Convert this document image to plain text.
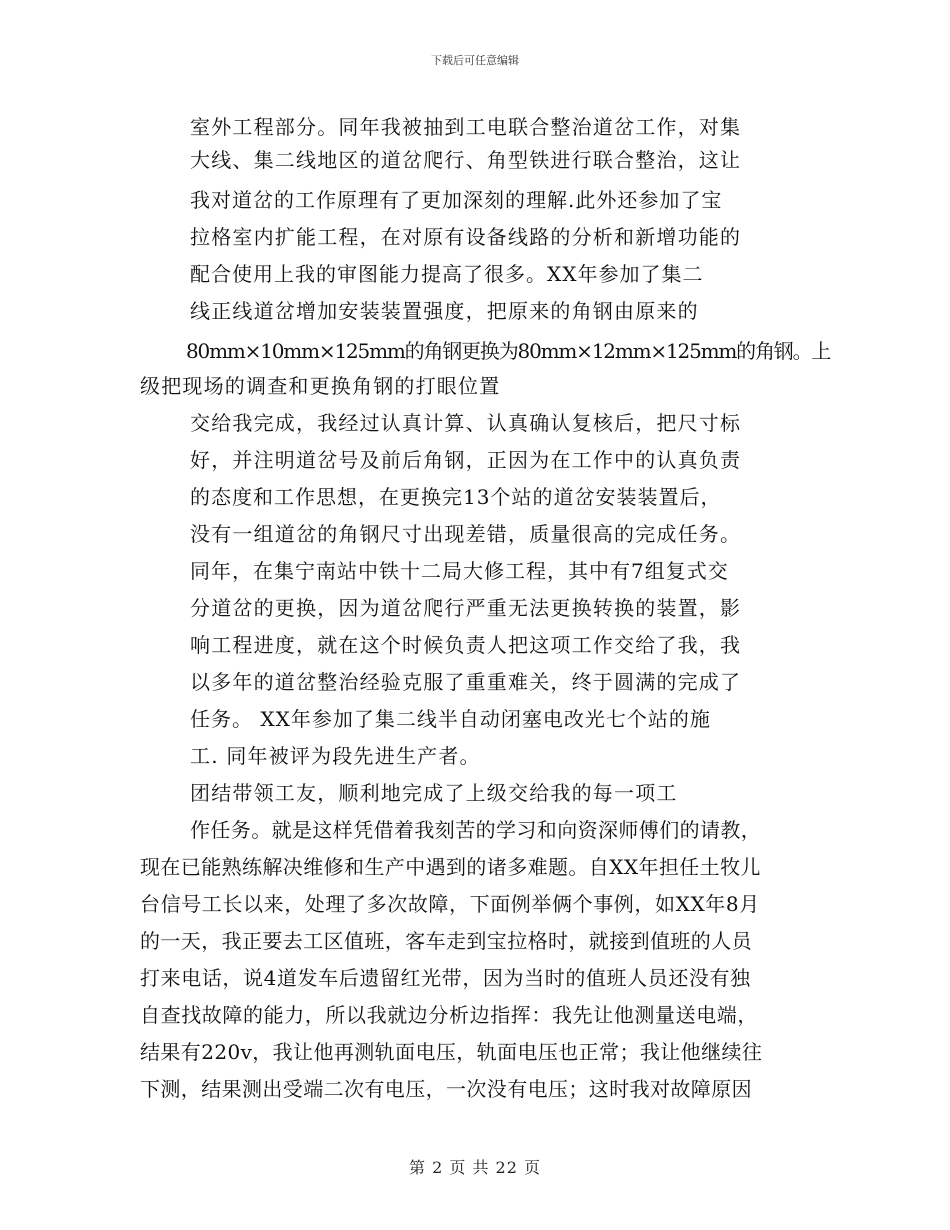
下载后可任意编辑
室外工程部分。同年我被抽到工电联合整治道岔工作，对集
大线、集二线地区的道岔爬行、角型铁进行联合整治，这让
我对道岔的工作原理有了更加深刻的理解.此外还参加了宝
拉格室内扩能工程，在对原有设备线路的分析和新增功能的
配合使用上我的审图能力提高了很多。XX年参加了集二
线正线道岔增加安装装置强度，把原来的角钢由原来的
80mm×10mm×125mm的角钢更换为80mm×12mm×125mm的角钢。上
级把现场的调查和更换角钢的打眼位置
交给我完成，我经过认真计算、认真确认复核后，把尺寸标
好，并注明道岔号及前后角钢，正因为在工作中的认真负责
的态度和工作思想，在更换完13个站的道岔安装装置后，
没有一组道岔的角钢尺寸出现差错，质量很高的完成任务。
同年，在集宁南站中铁十二局大修工程，其中有7组复式交
分道岔的更换，因为道岔爬行严重无法更换转换的装置，影
响工程进度，就在这个时候负责人把这项工作交给了我，我
以多年的道岔整治经验克服了重重难关，终于圆满的完成了
任务。 XX年参加了集二线半自动闭塞电改光七个站的施
工. 同年被评为段先进生产者。
团结带领工友，顺利地完成了上级交给我的每一项工
作任务。就是这样凭借着我刻苦的学习和向资深师傅们的请教，
现在已能熟练解决维修和生产中遇到的诸多难题。自XX年担任土牧儿
台信号工长以来，处理了多次故障，下面例举俩个事例，如XX年8月
的一天，我正要去工区值班，客车走到宝拉格时，就接到值班的人员
打来电话，说4道发车后遗留红光带，因为当时的值班人员还没有独
自查找故障的能力，所以我就边分析边指挥：我先让他测量送电端，
结果有220v，我让他再测轨面电压，轨面电压也正常；我让他继续往
下测，结果测出受端二次有电压，一次没有电压；这时我对故障原因
第 2 页 共 22 页
